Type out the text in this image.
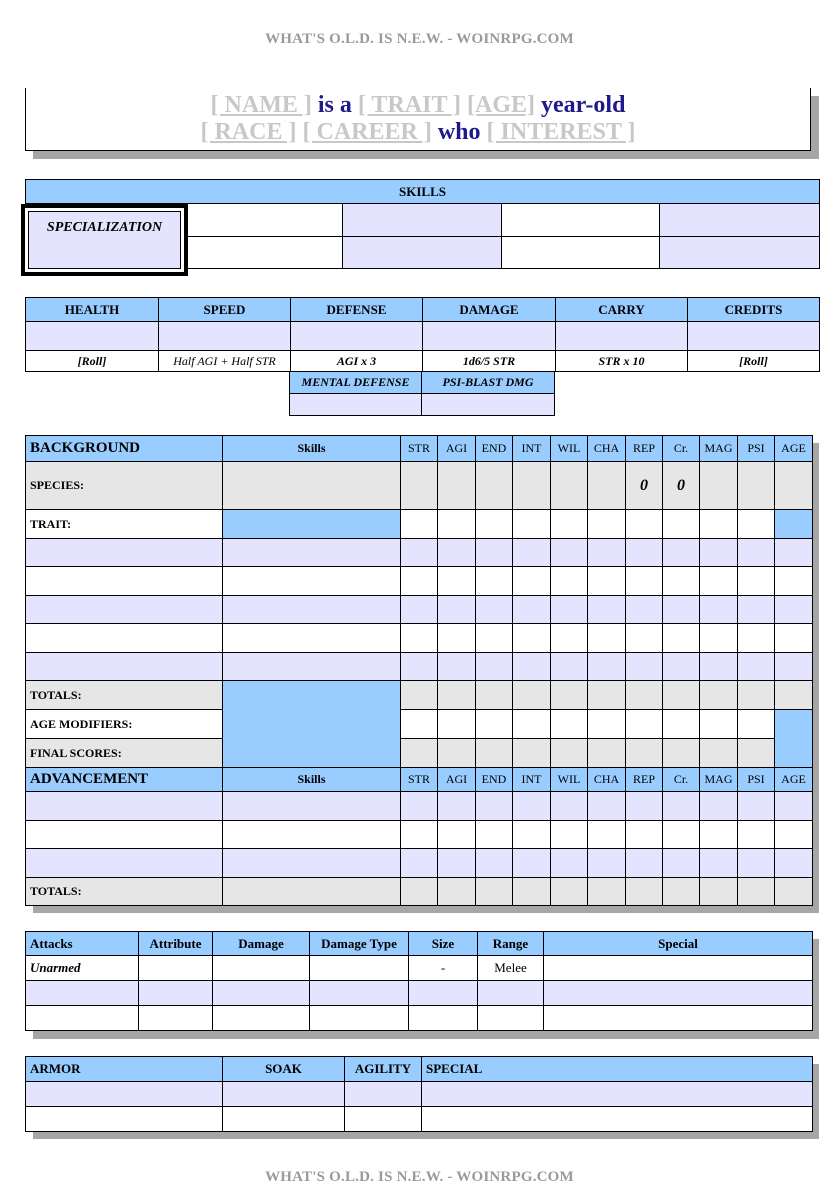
WHAT'S O.L.D. IS N.E.W. - WOINRPG.COM
[ NAME ] is a [ TRAIT ] [AGE] year-old
[ RACE ] [ CAREER ] who [ INTEREST ]
SKILLS				

SPECIALIZATION
HEALTH	SPEED	DEFENSE	DAMAGE	CARRY	CREDITS

[Roll]	Half AGI + Half STR	AGI x 3	1d6/5 STR	STR x 10	[Roll]
MENTAL DEFENSE	PSI-BLAST DMG

BACKGROUND	Skills	STR	AGI	END	INT	WIL	CHA	REP	Cr.	MAG	PSI	AGE
SPECIES:								0	0			
TRAIT:												

TOTALS:												
AGE MODIFIERS:												
FINAL SCORES:												
ADVANCEMENT	Skills	STR	AGI	END	INT	WIL	CHA	REP	Cr.	MAG	PSI	AGE

TOTALS:												
Attacks	Attribute	Damage	Damage Type	Size	Range	Special
Unarmed				-	Melee	

ARMOR	SOAK	AGILITY	SPECIAL

WHAT'S O.L.D. IS N.E.W. - WOINRPG.COM
